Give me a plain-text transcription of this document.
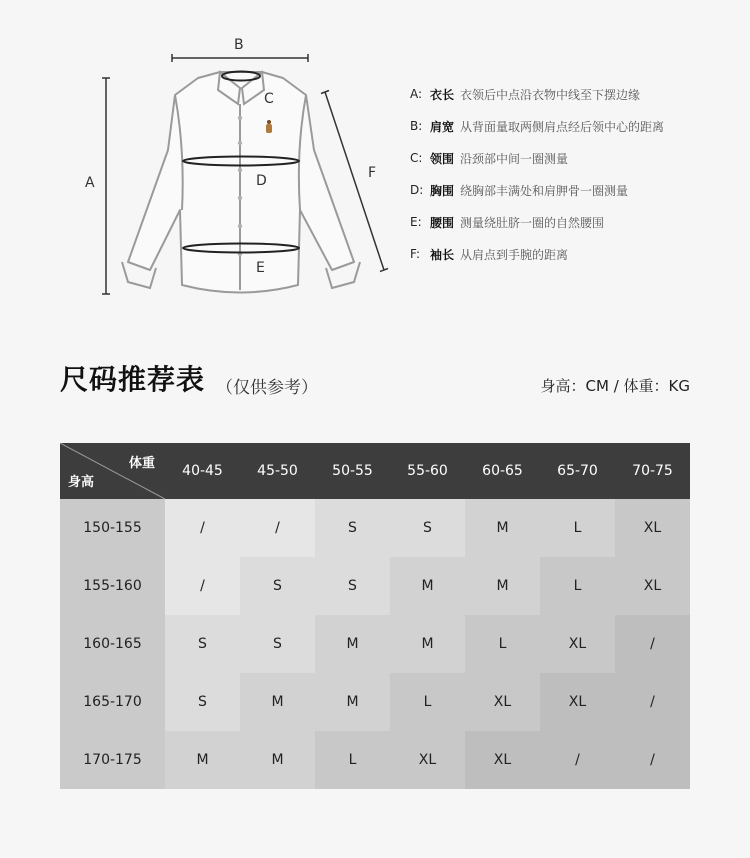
B
A
C
D
E
F
A: 衣长 衣领后中点沿衣物中线至下摆边缘
B: 肩宽 从背面量取两侧肩点经后领中心的距离
C: 领围 沿颈部中间一圈测量
D: 胸围 绕胸部丰满处和肩胛骨一圈测量
E: 腰围 测量绕肚脐一圈的自然腰围
F: 袖长 从肩点到手腕的距离
尺码推荐表 （仅供参考）	身高：CM / 体重：KG
体重
身高
40-45	45-50	50-55	55-60	60-65	65-70	70-75
150-155	/	/	S	S	M	L	XL
155-160	/	S	S	M	M	L	XL
160-165	S	S	M	M	L	XL	/
165-170	S	M	M	L	XL	XL	/
170-175	M	M	L	XL	XL	/	/
